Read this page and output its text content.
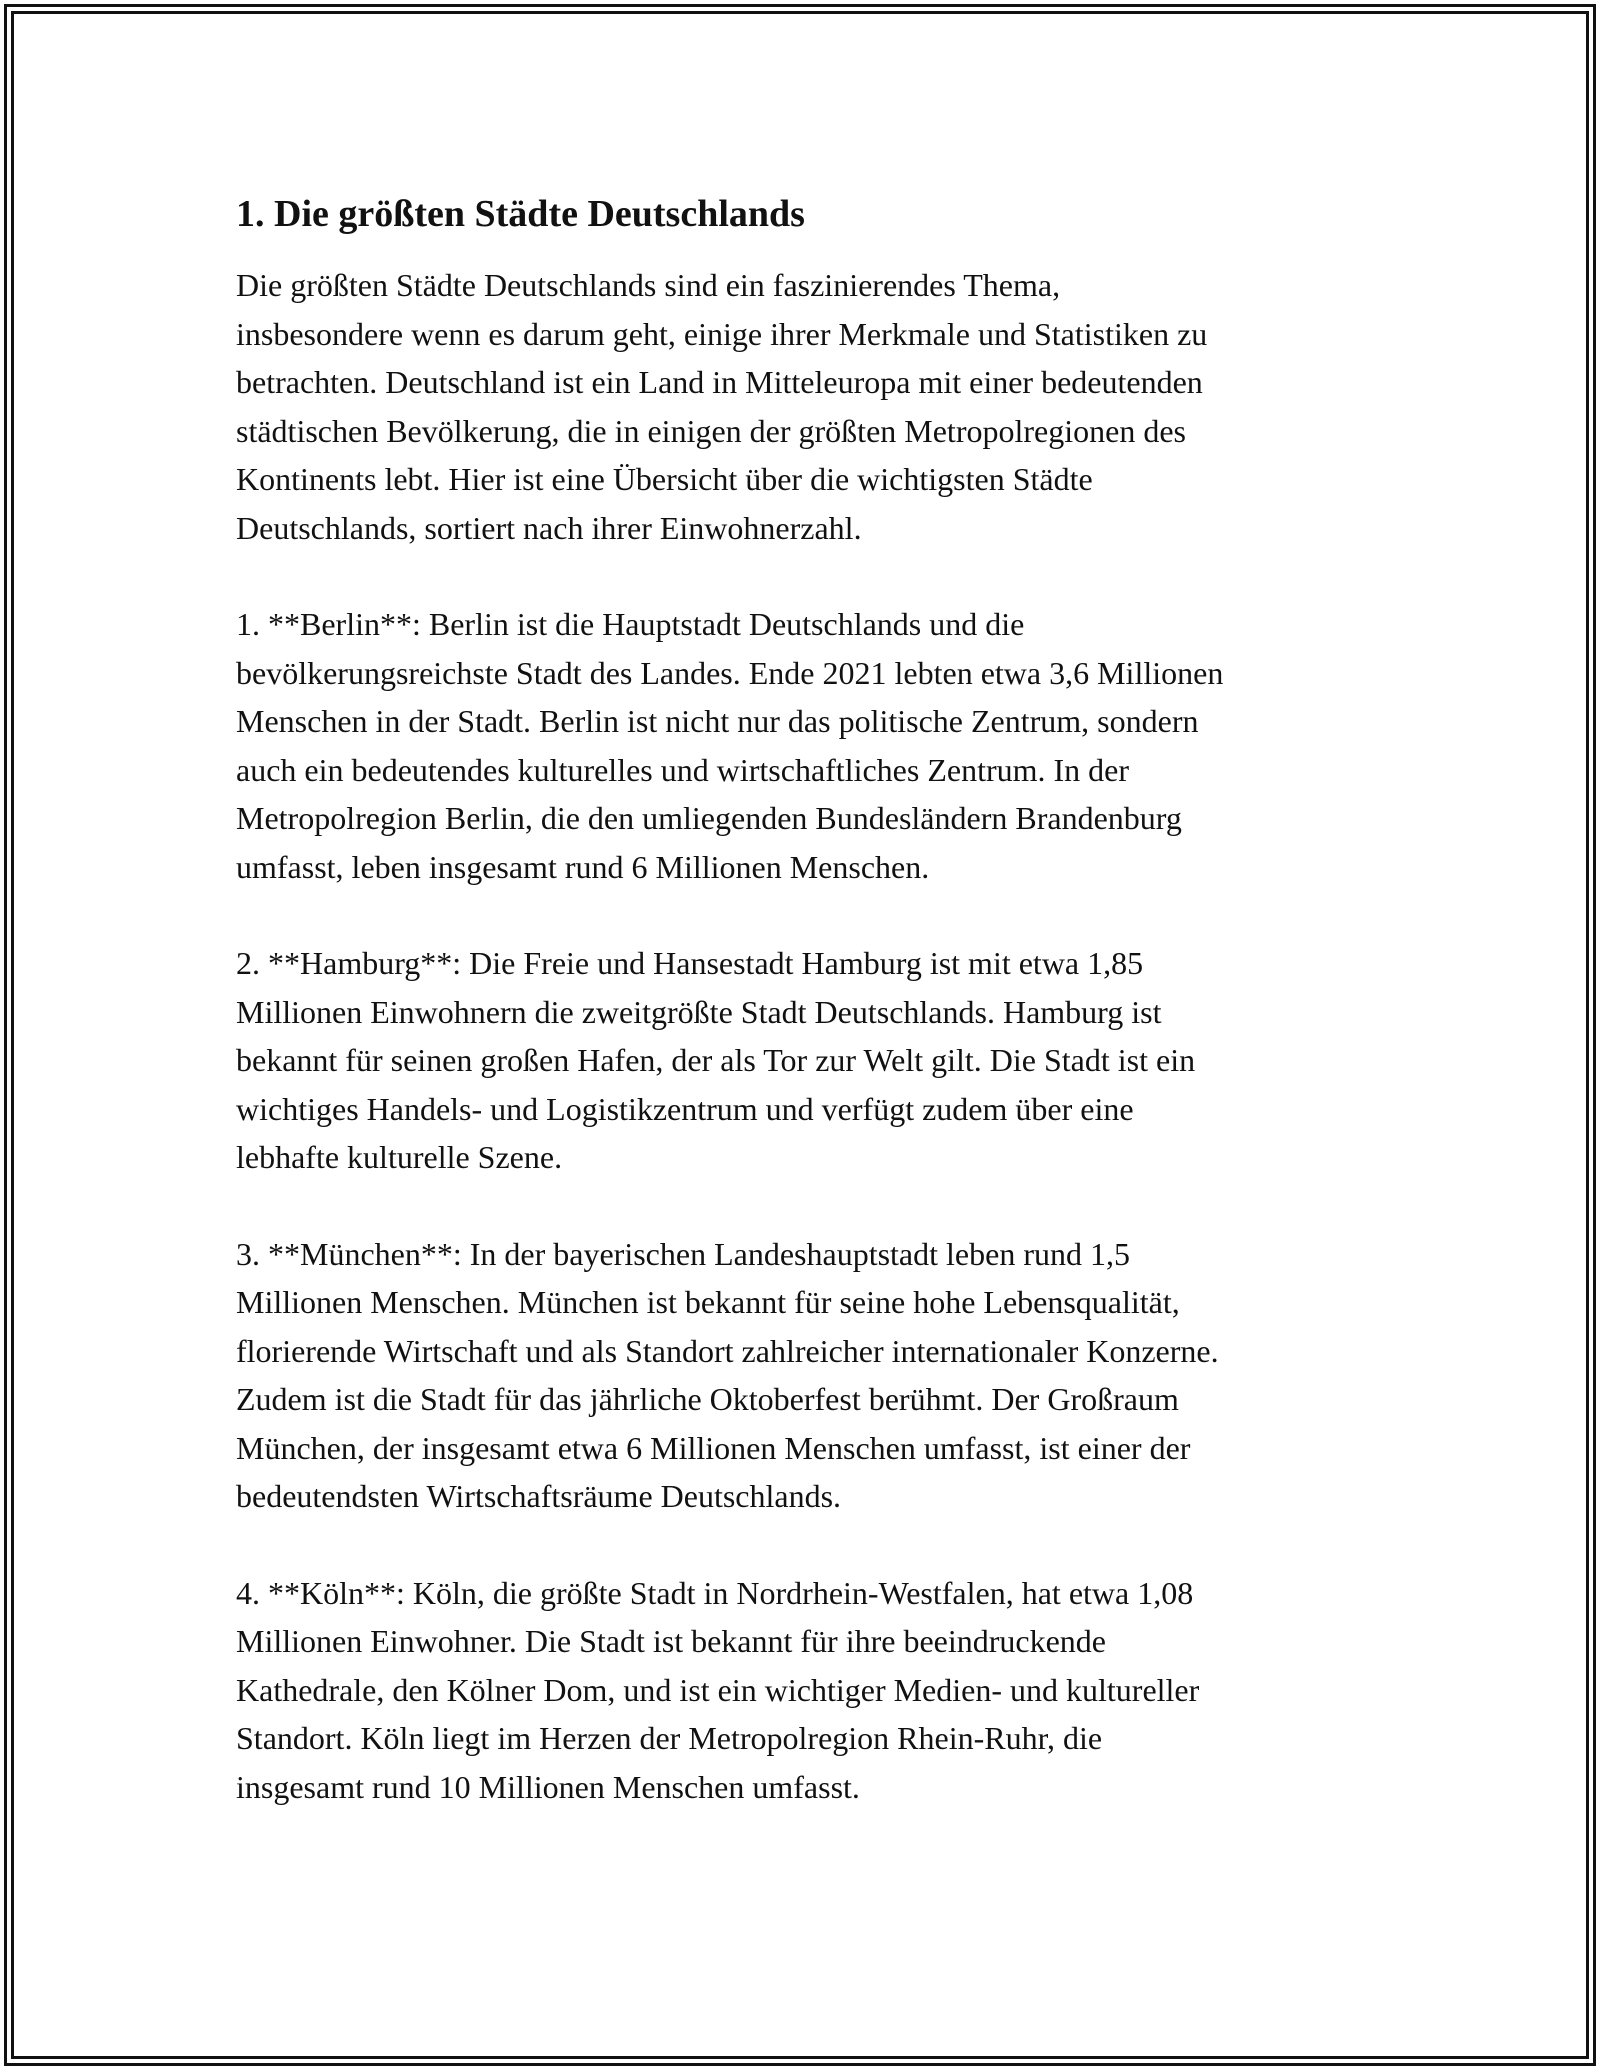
1. Die größten Städte Deutschlands

Die größten Städte Deutschlands sind ein faszinierendes Thema,
insbesondere wenn es darum geht, einige ihrer Merkmale und Statistiken zu
betrachten. Deutschland ist ein Land in Mitteleuropa mit einer bedeutenden
städtischen Bevölkerung, die in einigen der größten Metropolregionen des
Kontinents lebt. Hier ist eine Übersicht über die wichtigsten Städte
Deutschlands, sortiert nach ihrer Einwohnerzahl.

1. **Berlin**: Berlin ist die Hauptstadt Deutschlands und die
bevölkerungsreichste Stadt des Landes. Ende 2021 lebten etwa 3,6 Millionen
Menschen in der Stadt. Berlin ist nicht nur das politische Zentrum, sondern
auch ein bedeutendes kulturelles und wirtschaftliches Zentrum. In der
Metropolregion Berlin, die den umliegenden Bundesländern Brandenburg
umfasst, leben insgesamt rund 6 Millionen Menschen.

2. **Hamburg**: Die Freie und Hansestadt Hamburg ist mit etwa 1,85
Millionen Einwohnern die zweitgrößte Stadt Deutschlands. Hamburg ist
bekannt für seinen großen Hafen, der als Tor zur Welt gilt. Die Stadt ist ein
wichtiges Handels- und Logistikzentrum und verfügt zudem über eine
lebhafte kulturelle Szene.

3. **München**: In der bayerischen Landeshauptstadt leben rund 1,5
Millionen Menschen. München ist bekannt für seine hohe Lebensqualität,
florierende Wirtschaft und als Standort zahlreicher internationaler Konzerne.
Zudem ist die Stadt für das jährliche Oktoberfest berühmt. Der Großraum
München, der insgesamt etwa 6 Millionen Menschen umfasst, ist einer der
bedeutendsten Wirtschaftsräume Deutschlands.

4. **Köln**: Köln, die größte Stadt in Nordrhein-Westfalen, hat etwa 1,08
Millionen Einwohner. Die Stadt ist bekannt für ihre beeindruckende
Kathedrale, den Kölner Dom, und ist ein wichtiger Medien- und kultureller
Standort. Köln liegt im Herzen der Metropolregion Rhein-Ruhr, die
insgesamt rund 10 Millionen Menschen umfasst.
